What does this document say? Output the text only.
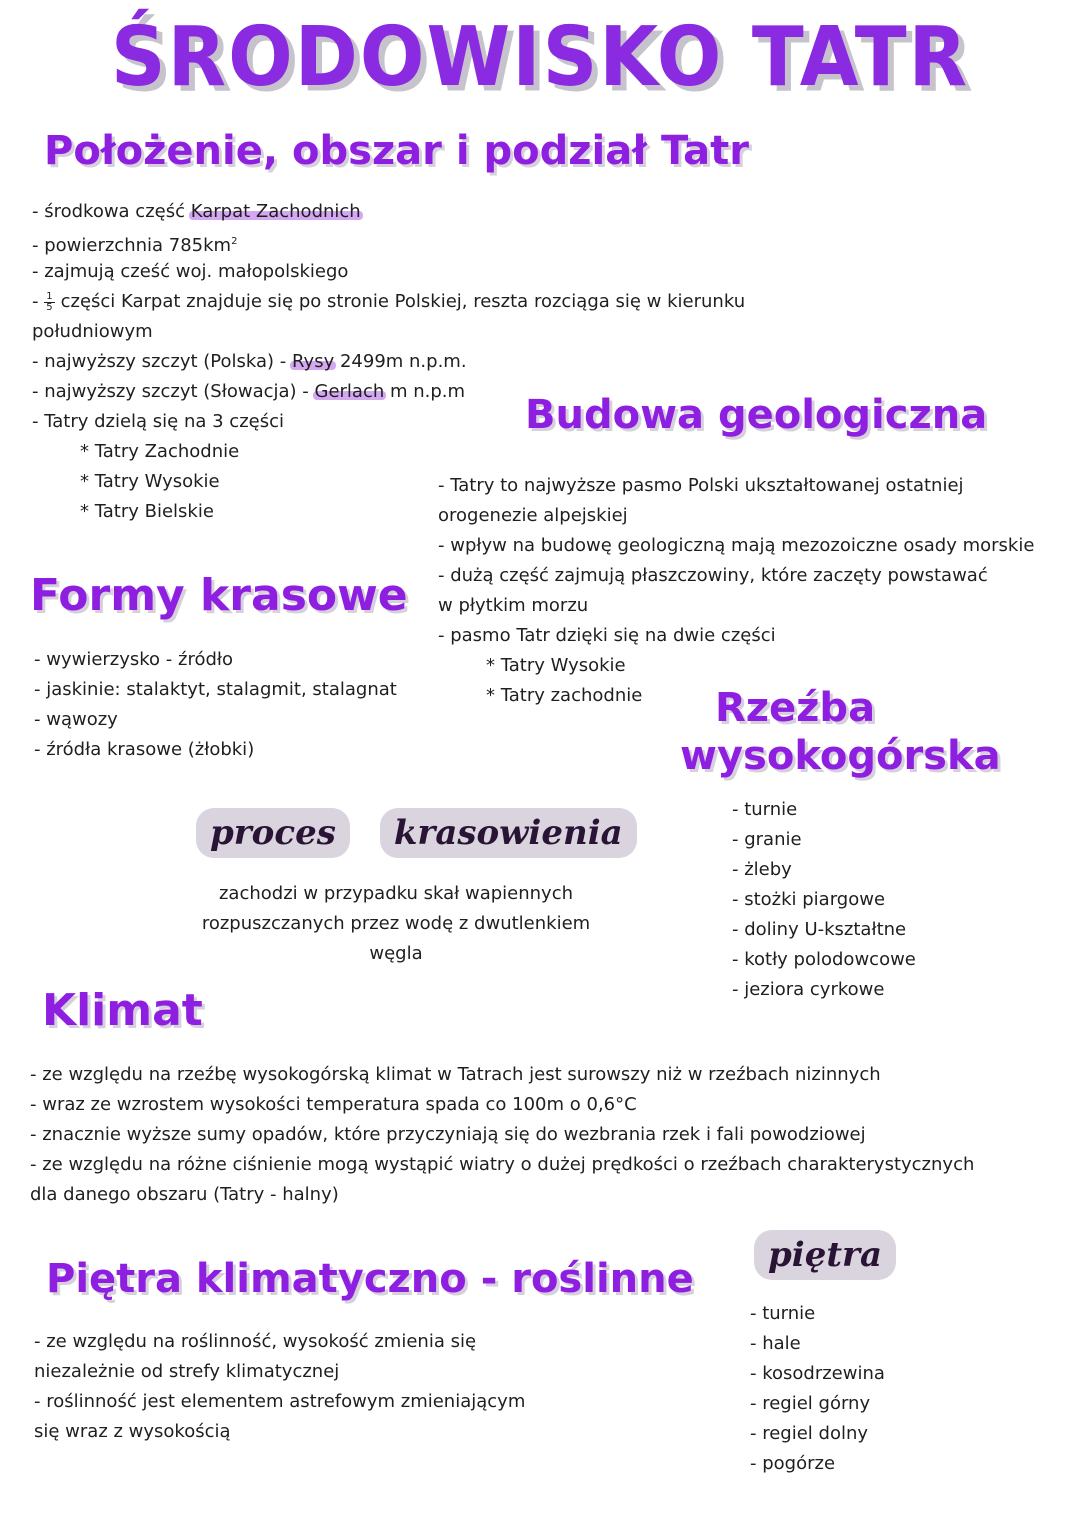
ŚRODOWISKO TATR
Położenie, obszar i podział Tatr
- środkowa część Karpat Zachodnich
- powierzchnia $785km^2$
- zajmują cześć woj. małopolskiego
- $\frac{1}{5}$ części Karpat znajduje się po stronie Polskiej, reszta rozciąga się w kierunku
południowym
- najwyższy szczyt (Polska) - Rysy 2499m n.p.m.
- najwyższy szczyt (Słowacja) - Gerlach m n.p.m
- Tatry dzielą się na 3 części
* Tatry Zachodnie
* Tatry Wysokie
* Tatry Bielskie
Budowa geologiczna
- Tatry to najwyższe pasmo Polski ukształtowanej ostatniej
orogenezie alpejskiej
- wpływ na budowę geologiczną mają mezozoiczne osady morskie
- dużą część zajmują płaszczowiny, które zaczęty powstawać
w płytkim morzu
- pasmo Tatr dzięki się na dwie części
* Tatry Wysokie
* Tatry zachodnie
Formy krasowe
- wywierzysko - źródło
- jaskinie: stalaktyt, stalagmit, stalagnat
- wąwozy
- źródła krasowe (żłobki)
Rzeźba
wysokogórska
- turnie
- granie
- żleby
- stożki piargowe
- doliny U-kształtne
- kotły polodowcowe
- jeziora cyrkowe
proces krasowienia
zachodzi w przypadku skał wapiennych
rozpuszczanych przez wodę z dwutlenkiem
węgla
Klimat
- ze względu na rzeźbę wysokogórską klimat w Tatrach jest surowszy niż w rzeźbach nizinnych
- wraz ze wzrostem wysokości temperatura spada co 100m o 0,6°C
- znacznie wyższe sumy opadów, które przyczyniają się do wezbrania rzek i fali powodziowej
- ze względu na różne ciśnienie mogą wystąpić wiatry o dużej prędkości o rzeźbach charakterystycznych
dla danego obszaru (Tatry - halny)
Piętra klimatyczno - roślinne
- ze względu na roślinność, wysokość zmienia się
niezależnie od strefy klimatycznej
- roślinność jest elementem astrefowym zmieniającym
się wraz z wysokością
piętra
- turnie
- hale
- kosodrzewina
- regiel górny
- regiel dolny
- pogórze
